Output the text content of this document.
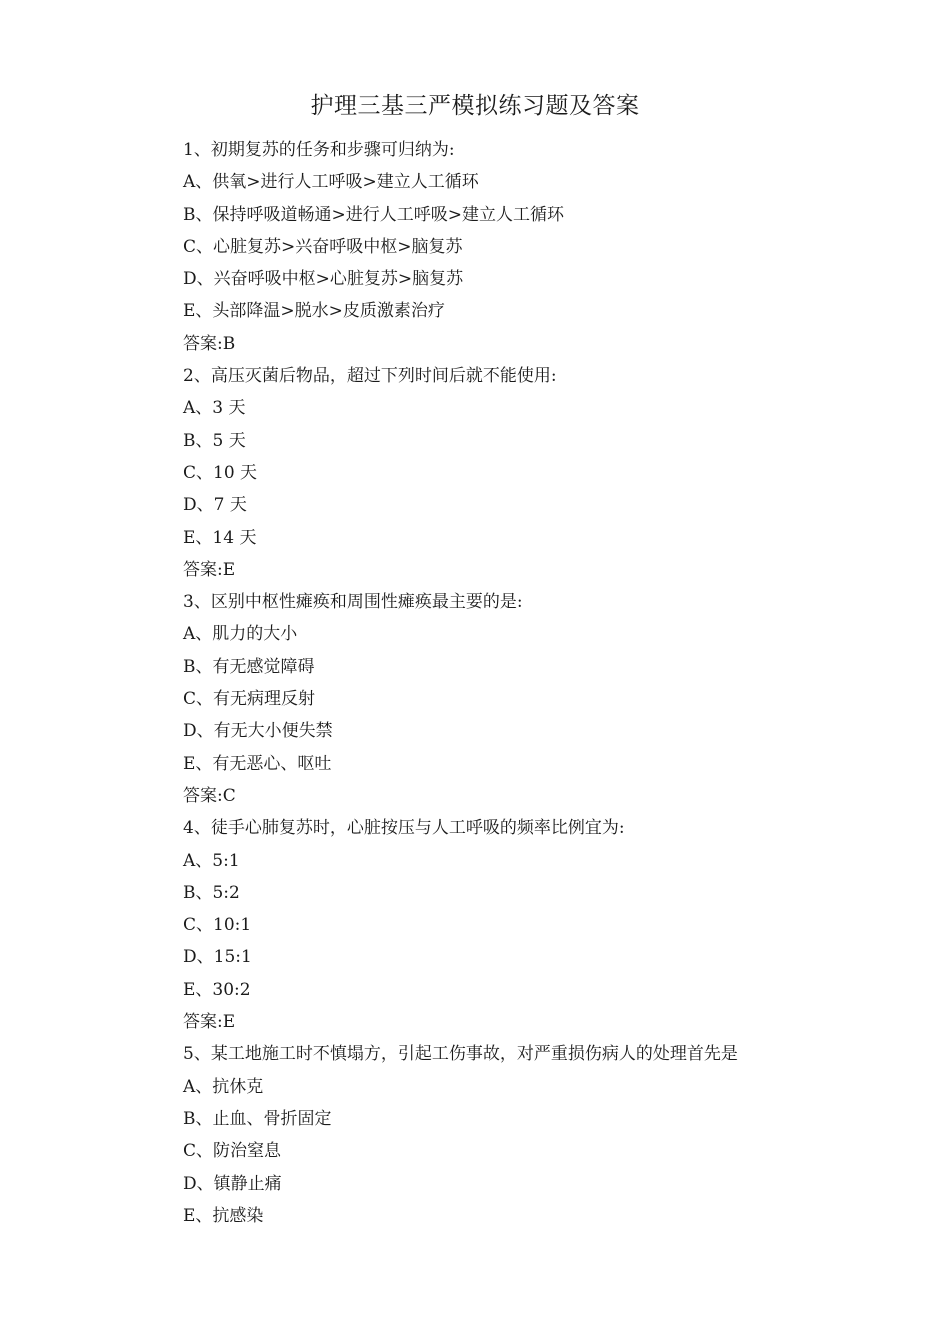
护理三基三严模拟练习题及答案
1、初期复苏的任务和步骤可归纳为:
A、供氧>进行人工呼吸>建立人工循环
B、保持呼吸道畅通>进行人工呼吸>建立人工循环
C、心脏复苏>兴奋呼吸中枢>脑复苏
D、兴奋呼吸中枢>心脏复苏>脑复苏
E、头部降温>脱水>皮质激素治疗
答案:B
2、高压灭菌后物品，超过下列时间后就不能使用:
A、3 天
B、5 天
C、10 天
D、7 天
E、14 天
答案:E
3、区别中枢性瘫痪和周围性瘫痪最主要的是:
A、肌力的大小
B、有无感觉障碍
C、有无病理反射
D、有无大小便失禁
E、有无恶心、呕吐
答案:C
4、徒手心肺复苏时，心脏按压与人工呼吸的频率比例宜为:
A、5:1
B、5:2
C、10:1
D、15:1
E、30:2
答案:E
5、某工地施工时不慎塌方，引起工伤事故，对严重损伤病人的处理首先是
A、抗休克
B、止血、骨折固定
C、防治窒息
D、镇静止痛
E、抗感染
